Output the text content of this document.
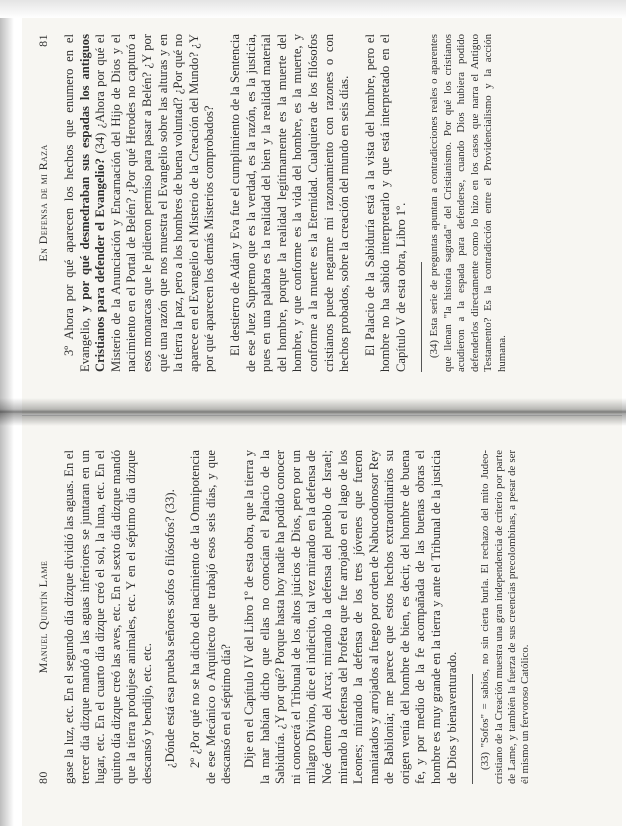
80
Manuel Quintín Lame gase la luz, etc. En el segundo día dizque dividió las aguas. En el tercer día dizque mandó a las aguas inferiores se juntaran en un lugar, etc. En el cuarto día dizque creó el sol, la luna, etc. En el quinto día dizque creó las aves, etc. En el sexto día dizque mandó que la tierra produjese animales, etc. Y en el séptimo día dizque descansó y bendijo, etc. etc. ¿Dónde está esa prueba señores sofos o filósofos? (33). 2º ¿Por qué no se ha dicho del nacimiento de la Omnipotencia de ese Mecánico o Arquitecto que trabajó esos seis días, y que descansó en el séptimo día? Dije en el Capítulo IV del Libro 1º de esta obra, que la tierra y la mar habían dicho que ellas no conocían el Palacio de la Sabiduría. ¿Y por qué? Porque hasta hoy nadie ha podido conocer ni conocerá el Tribunal de los altos juicios de Dios, pero por un milagro Divino, dice el indiecito, tal vez mirando en la defensa de Noé dentro del Arca; mirando la defensa del pueblo de Israel; mirando la defensa del Profeta que fue arrojado en el lago de los Leones; mirando la defensa de los tres jóvenes que fueron maniatados y arrojados al fuego por orden de Nabucodonosor Rey de Babilonia; me parece que estos hechos extraordinarios su origen venía del hombre de bien, es decir, del hombre de buena fe, y por medio de la fe acompañada de las buenas obras el hombre es muy grande en la tierra y ante el Tribunal de la justicia de Dios y bienaventurado. (33) "Sofos" = sabios, no sin cierta burla. El rechazo del mito Judeo-cristiano de la Creación muestra una gran independencia de criterio por parte de Lame, y también la fuerza de sus creencias precolombinas, a pesar de ser él mismo un fervoroso Católico.

En Defensa de mi Raza
81 3º Ahora por qué aparecen los hechos que enumero en el Evangelio, y por qué desmedraban sus espadas los antiguos Cristianos para defender el Evangelio? (34) ¿Ahora por qué el Misterio de la Anunciación y Encarnación del Hijo de Dios y el nacimiento en el Portal de Belén? ¿Por qué Herodes no capturó a esos monarcas que le pidieron permiso para pasar a Belén? ¿Y por qué una razón que nos muestra el Evangelio sobre las alturas y en la tierra la paz, pero a los hombres de buena voluntad? ¿Por qué no aparece en el Evangelio el Misterio de la Creación del Mundo? ¿Y por qué aparecen los demás Misterios comprobados? El destierro de Adán y Eva fue el cumplimiento de la Sentencia de ese Juez Supremo que es la verdad, es la razón, es la justicia, pues en una palabra es la realidad del bien y la realidad material del hombre, porque la realidad legítimamente es la muerte del hombre, y que conforme es la vida del hombre, es la muerte, y conforme a la muerte es la Eternidad. Cualquiera de los filósofos cristianos puede negarme mi razonamiento con razones o con hechos probados, sobre la creación del mundo en seis días. El Palacio de la Sabiduría está a la vista del hombre, pero el hombre no ha sabido interpretarlo y que está interpretado en el Capítulo V de esta obra, Libro 1º. (34) Esta serie de preguntas apuntan a contradicciones reales o aparentes que llenan "la historia sagrada" del Cristianismo. Por qué los cristianos acudieron a la espada para defenderse, cuando Dios hubiera podido defenderlos directamente como lo hizo en los casos que narra el Antiguo Testamento? Es la contradicción entre el Providencialismo y la acción humana.
